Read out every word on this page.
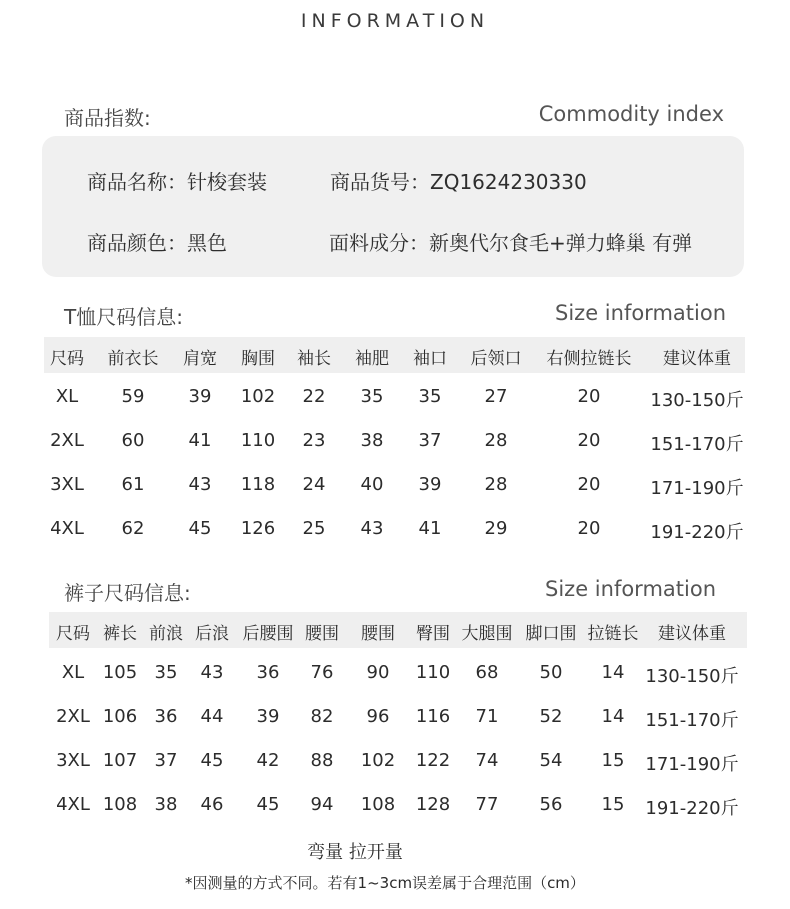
INFORMATION
商品指数:	Commodity index
商品名称：针梭套装	商品货号：ZQ1624230330
商品颜色：黑色	面料成分：新奥代尔食毛+弹力蜂巢 有弹
T恤尺码信息:	Size information
尺码 前衣长 肩宽 胸围 袖长 袖肥 袖口 后领口 右侧拉链长 建议体重
XL 59 39 102 22 35 35 27	20	130-150斤
2XL 60 41 110 23 38 37 28	20	151-170斤
3XL 61 43 118 24 40 39 28	20	171-190斤
4XL 62 45 126 25 43 41 29	20	191-220斤
裤子尺码信息:	Size information
尺码 裤长 前浪 后浪 后腰围 腰围 腰围 臀围 大腿围 脚口围 拉链长 建议体重
XL 105 35 43 36 76 90 110 68 50 14 130-150斤
2XL 106 36 44 39 82 96 116 71 52 14 151-170斤
3XL 107 37 45 42 88 102 122 74 54 15 171-190斤
4XL 108 38 46 45 94 108 128 77 56 15 191-220斤
弯量 拉开量
*因测量的方式不同。若有1~3cm误差属于合理范围（cm）
